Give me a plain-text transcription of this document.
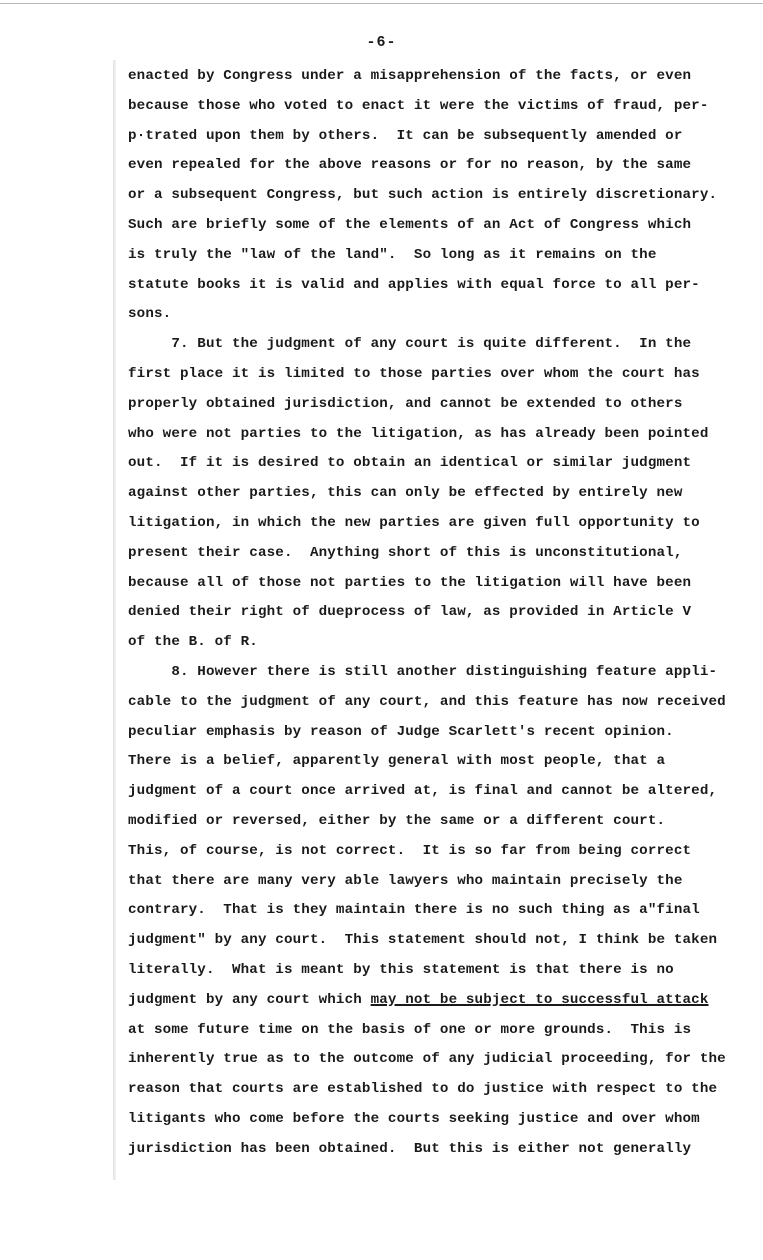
-6-
enacted by Congress under a misapprehension of the facts, or even
because those who voted to enact it were the victims of fraud, per-
p∙trated upon them by others.  It can be subsequently amended or
even repealed for the above reasons or for no reason, by the same
or a subsequent Congress, but such action is entirely discretionary.
Such are briefly some of the elements of an Act of Congress which
is truly the "law of the land".  So long as it remains on the
statute books it is valid and applies with equal force to all per-
sons.
7. But the judgment of any court is quite different.  In the
first place it is limited to those parties over whom the court has
properly obtained jurisdiction, and cannot be extended to others
who were not parties to the litigation, as has already been pointed
out.  If it is desired to obtain an identical or similar judgment
against other parties, this can only be effected by entirely new
litigation, in which the new parties are given full opportunity to
present their case.  Anything short of this is unconstitutional,
because all of those not parties to the litigation will have been
denied their right of dueprocess of law, as provided in Article V
of the B. of R.
8. However there is still another distinguishing feature appli-
cable to the judgment of any court, and this feature has now received
peculiar emphasis by reason of Judge Scarlett's recent opinion.
There is a belief, apparently general with most people, that a
judgment of a court once arrived at, is final and cannot be altered,
modified or reversed, either by the same or a different court.
This, of course, is not correct.  It is so far from being correct
that there are many very able lawyers who maintain precisely the
contrary.  That is they maintain there is no such thing as a"final
judgment" by any court.  This statement should not, I think be taken
literally.  What is meant by this statement is that there is no
judgment by any court which may not be subject to successful attack
at some future time on the basis of one or more grounds.  This is
inherently true as to the outcome of any judicial proceeding, for the
reason that courts are established to do justice with respect to the
litigants who come before the courts seeking justice and over whom
jurisdiction has been obtained.  But this is either not generally
